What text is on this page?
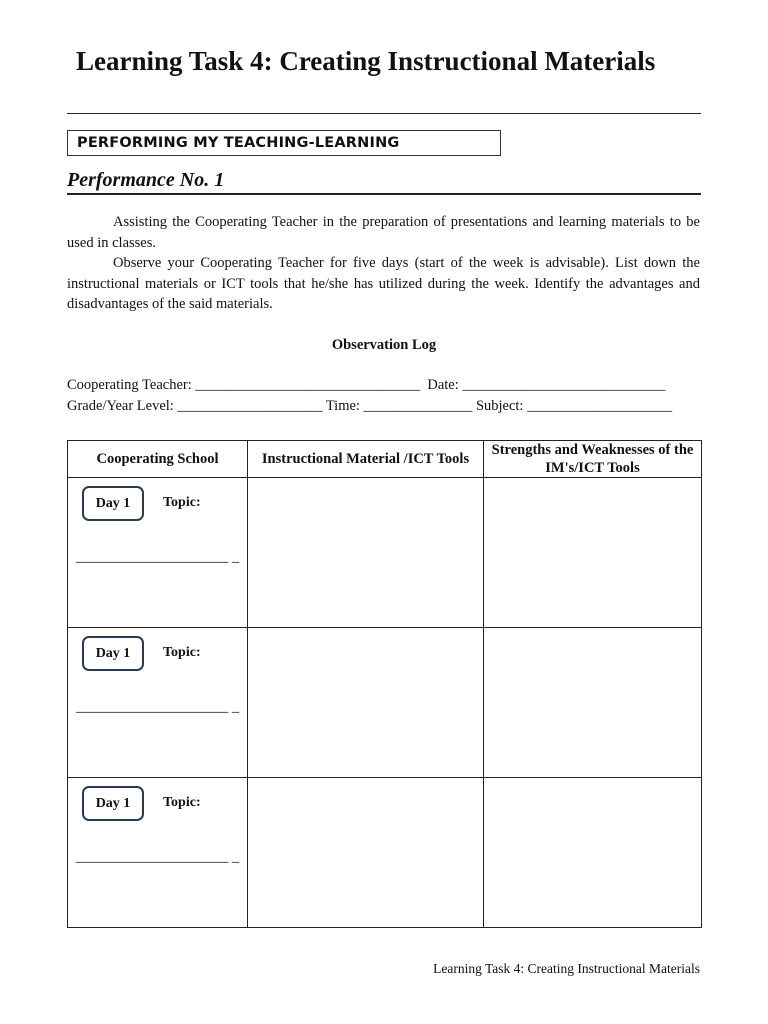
Learning Task 4: Creating Instructional Materials
PERFORMING MY TEACHING-LEARNING
Performance No. 1

Assisting the Cooperating Teacher in the preparation of presentations and learning materials to be used in classes.

Observe your Cooperating Teacher for five days (start of the week is advisable). List down the instructional materials or ICT tools that he/she has utilized during the week. Identify the advantages and disadvantages of the said materials.

Observation Log
Cooperating Teacher: _______________________________  Date: ____________________________
Grade/Year Level: ____________________ Time: _______________ Subject: ____________________
Cooperating School	Instructional Material /ICT Tools	Strengths and Weaknesses of the IM's/ICT Tools

Day 1 Topic:
_____________________ _		

Day 1 Topic:
_____________________ _		

Day 1 Topic:
_____________________ _		

Learning Task 4: Creating Instructional Materials
